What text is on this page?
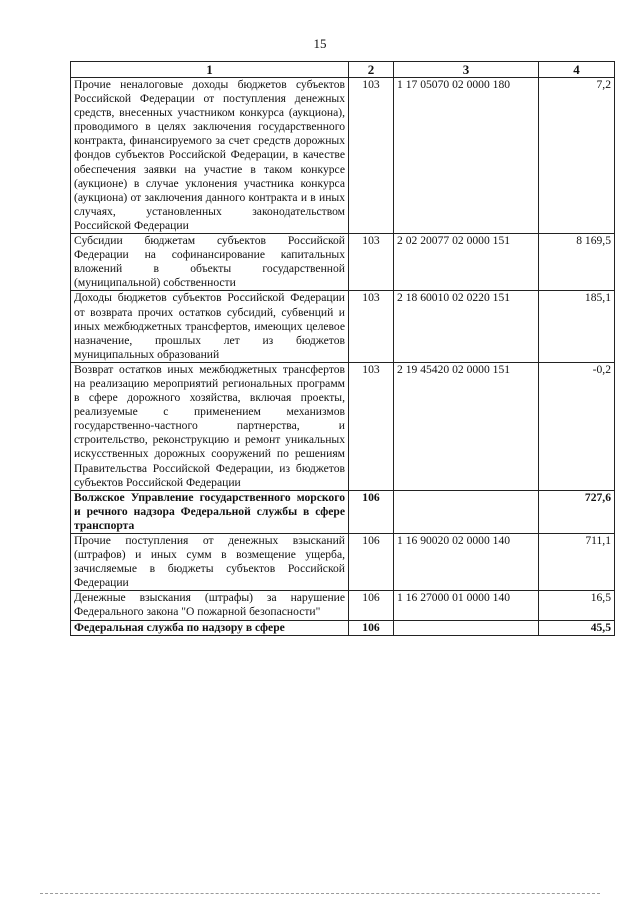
15
1	2	3	4
Прочие неналоговые доходы бюджетов субъектов Российской Федерации от поступления денежных средств, внесенных участником конкурса (аукциона), проводимого в целях заключения государственного контракта, финансируемого за счет средств дорожных фондов субъектов Российской Федерации, в качестве обеспечения заявки на участие в таком конкурсе (аукционе) в случае уклонения участника конкурса (аукциона) от заключения данного контракта и в иных случаях, установленных законодательством Российской Федерации	103	1 17 05070 02 0000 180	7,2
Субсидии бюджетам субъектов Российской Федерации на софинансирование капитальных вложений в объекты государственной (муниципальной) собственности	103	2 02 20077 02 0000 151	8 169,5
Доходы бюджетов субъектов Российской Федерации от возврата прочих остатков субсидий, субвенций и иных межбюджетных трансфертов, имеющих целевое назначение, прошлых лет из бюджетов муниципальных образований	103	2 18 60010 02 0220 151	185,1
Возврат остатков иных межбюджетных трансфертов на реализацию мероприятий региональных программ в сфере дорожного хозяйства, включая проекты, реализуемые с применением механизмов государственно-частного партнерства, и строительство, реконструкцию и ремонт уникальных искусственных дорожных сооружений по решениям Правительства Российской Федерации, из бюджетов субъектов Российской Федерации	103	2 19 45420 02 0000 151	-0,2
Волжское Управление государственного морского и речного надзора Федеральной службы в сфере транспорта	106		727,6
Прочие поступления от денежных взысканий (штрафов) и иных сумм в возмещение ущерба, зачисляемые в бюджеты субъектов Российской Федерации	106	1 16 90020 02 0000 140	711,1
Денежные взыскания (штрафы) за нарушение Федерального закона "О пожарной безопасности"	106	1 16 27000 01 0000 140	16,5
Федеральная служба по надзору в сфере	106		45,5
